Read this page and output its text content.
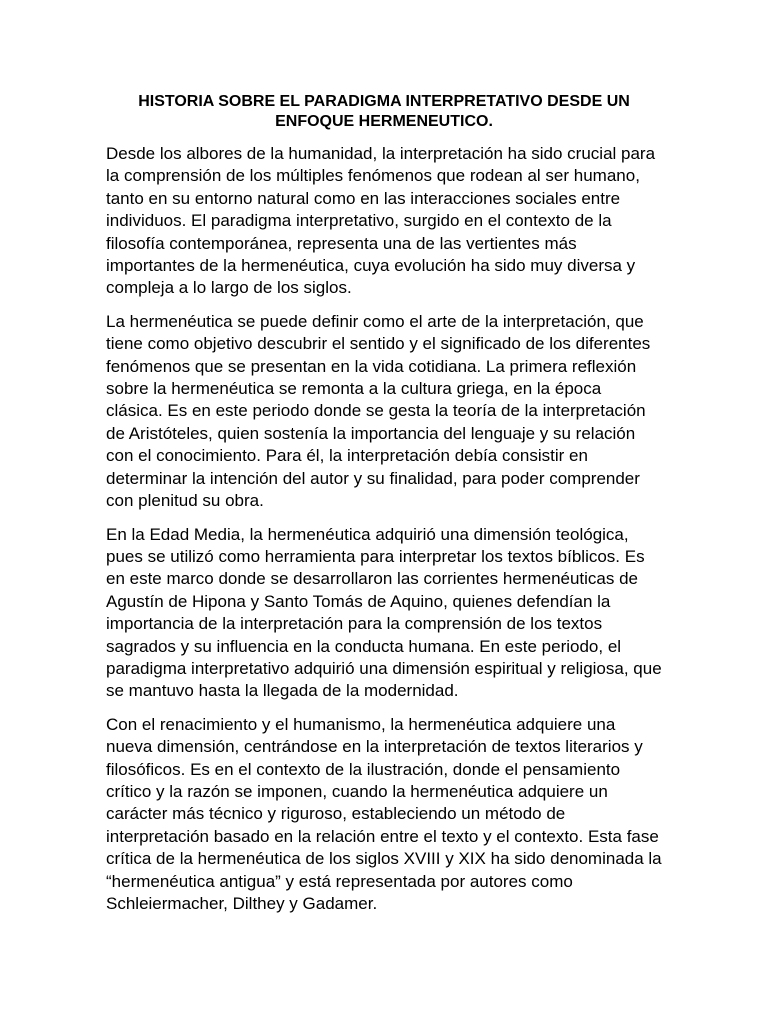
HISTORIA SOBRE EL PARADIGMA INTERPRETATIVO DESDE UN ENFOQUE HERMENEUTICO.

Desde los albores de la humanidad, la interpretación ha sido crucial para la comprensión de los múltiples fenómenos que rodean al ser humano, tanto en su entorno natural como en las interacciones sociales entre individuos. El paradigma interpretativo, surgido en el contexto de la filosofía contemporánea, representa una de las vertientes más importantes de la hermenéutica, cuya evolución ha sido muy diversa y compleja a lo largo de los siglos.

La hermenéutica se puede definir como el arte de la interpretación, que tiene como objetivo descubrir el sentido y el significado de los diferentes fenómenos que se presentan en la vida cotidiana. La primera reflexión sobre la hermenéutica se remonta a la cultura griega, en la época clásica. Es en este periodo donde se gesta la teoría de la interpretación de Aristóteles, quien sostenía la importancia del lenguaje y su relación con el conocimiento. Para él, la interpretación debía consistir en determinar la intención del autor y su finalidad, para poder comprender con plenitud su obra.

En la Edad Media, la hermenéutica adquirió una dimensión teológica, pues se utilizó como herramienta para interpretar los textos bíblicos. Es en este marco donde se desarrollaron las corrientes hermenéuticas de Agustín de Hipona y Santo Tomás de Aquino, quienes defendían la importancia de la interpretación para la comprensión de los textos sagrados y su influencia en la conducta humana. En este periodo, el paradigma interpretativo adquirió una dimensión espiritual y religiosa, que se mantuvo hasta la llegada de la modernidad.

Con el renacimiento y el humanismo, la hermenéutica adquiere una nueva dimensión, centrándose en la interpretación de textos literarios y filosóficos. Es en el contexto de la ilustración, donde el pensamiento crítico y la razón se imponen, cuando la hermenéutica adquiere un carácter más técnico y riguroso, estableciendo un método de interpretación basado en la relación entre el texto y el contexto. Esta fase crítica de la hermenéutica de los siglos XVIII y XIX ha sido denominada la “hermenéutica antigua” y está representada por autores como Schleiermacher, Dilthey y Gadamer.
